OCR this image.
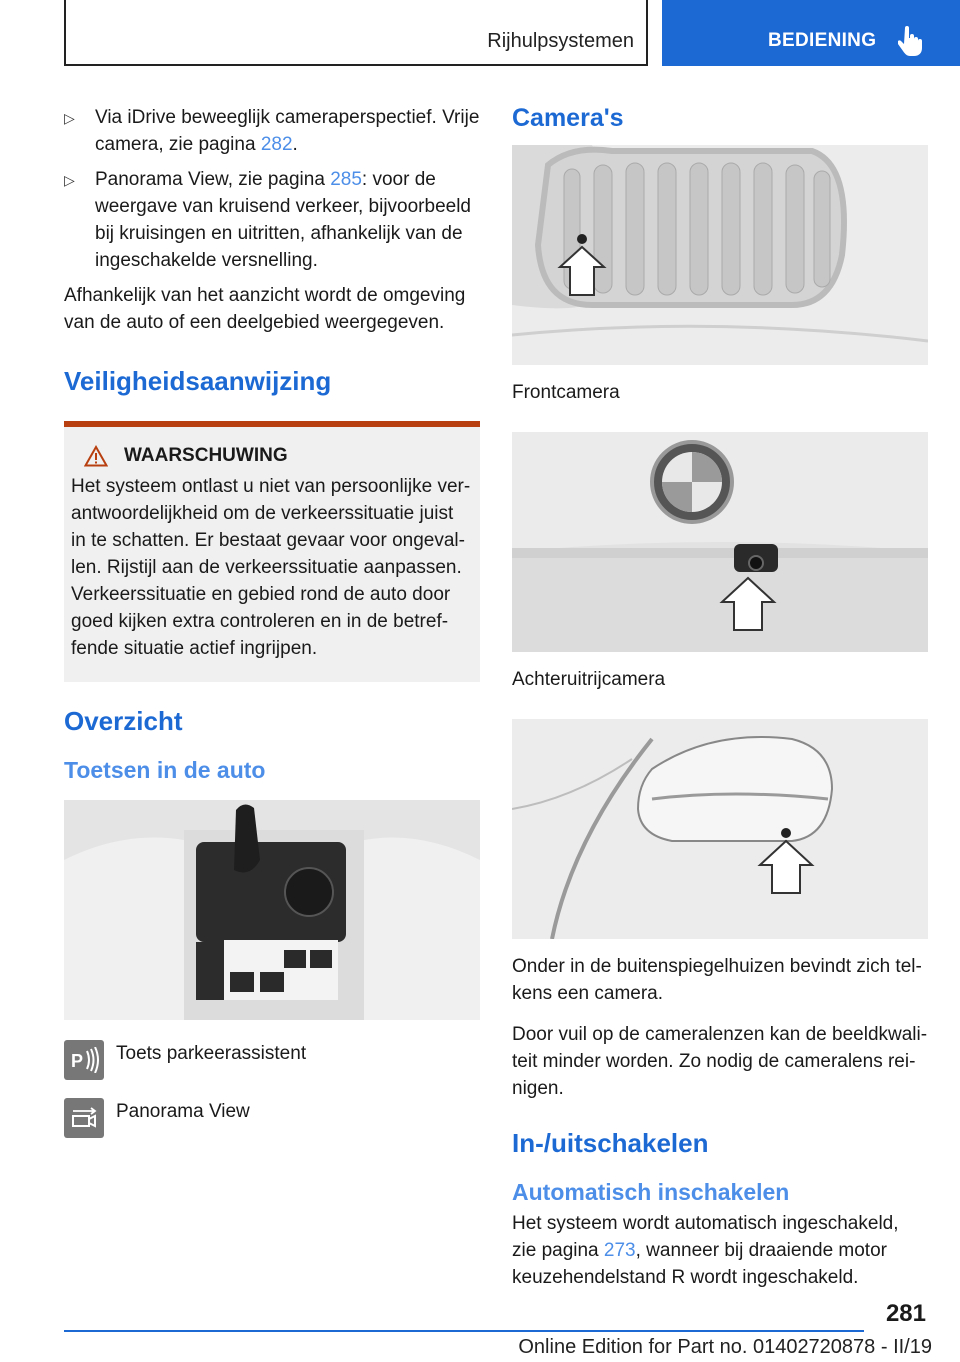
Rijhulpsystemen	BEDIENING
▷ Via iDrive beweeglijk cameraperspectief. Vrije camera, zie pagina 282.
▷ Panorama View, zie pagina 285: voor de weergave van kruisend verkeer, bijvoorbeeld bij kruisingen en uitritten, afhankelijk van de ingeschakelde versnelling.

Afhankelijk van het aanzicht wordt de omgeving van de auto of een deelgebied weergegeven.

Veiligheidsaanwijzing
WAARSCHUWING

Het systeem ontlast u niet van persoonlijke verantwoordelijkheid om de verkeerssituatie juist in te schatten. Er bestaat gevaar voor ongevallen. Rijstijl aan de verkeerssituatie aanpassen. Verkeerssituatie en gebied rond de auto door goed kijken extra controleren en in de betreffende situatie actief ingrijpen.

Overzicht
Toetsen in de auto
P Toets parkeerassistent
Panorama View
Camera's

Frontcamera

Achteruitrijcamera

Onder in de buitenspiegelhuizen bevindt zich telkens een camera.

Door vuil op de cameralenzen kan de beeldkwaliteit minder worden. Zo nodig de cameralens reinigen.

In-/uitschakelen
Automatisch inschakelen

Het systeem wordt automatisch ingeschakeld, zie pagina 273, wanneer bij draaiende motor keuzehendelstand R wordt ingeschakeld.

281
Online Edition for Part no. 01402720878 - II/19
